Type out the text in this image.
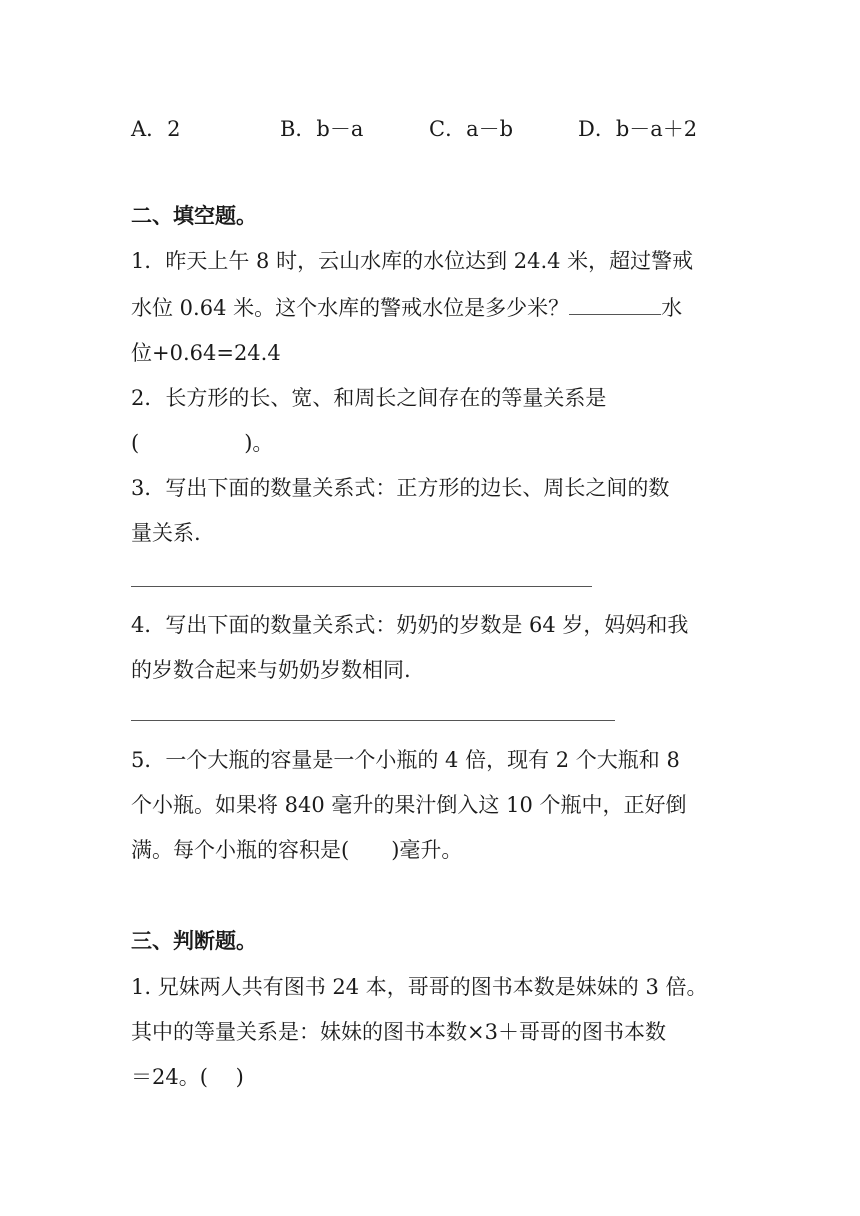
A．2	B．b－a	C．a－b	D．b－a＋2
二、填空题。
1．昨天上午 8 时，云山水库的水位达到 24.4 米，超过警戒
水位 0.64 米。这个水库的警戒水位是多少米？	水
位+0.64=24.4
2．长方形的长、宽、和周长之间存在的等量关系是
(　　　　　)。
3．写出下面的数量关系式：正方形的边长、周长之间的数
量关系.
4．写出下面的数量关系式：奶奶的岁数是 64 岁，妈妈和我
的岁数合起来与奶奶岁数相同.
5．一个大瓶的容量是一个小瓶的 4 倍，现有 2 个大瓶和 8
个小瓶。如果将 840 毫升的果汁倒入这 10 个瓶中，正好倒
满。每个小瓶的容积是(　　)毫升。
三、判断题。
1. 兄妹两人共有图书 24 本，哥哥的图书本数是妹妹的 3 倍。
其中的等量关系是：妹妹的图书本数×3＋哥哥的图书本数
＝24。(　 )
